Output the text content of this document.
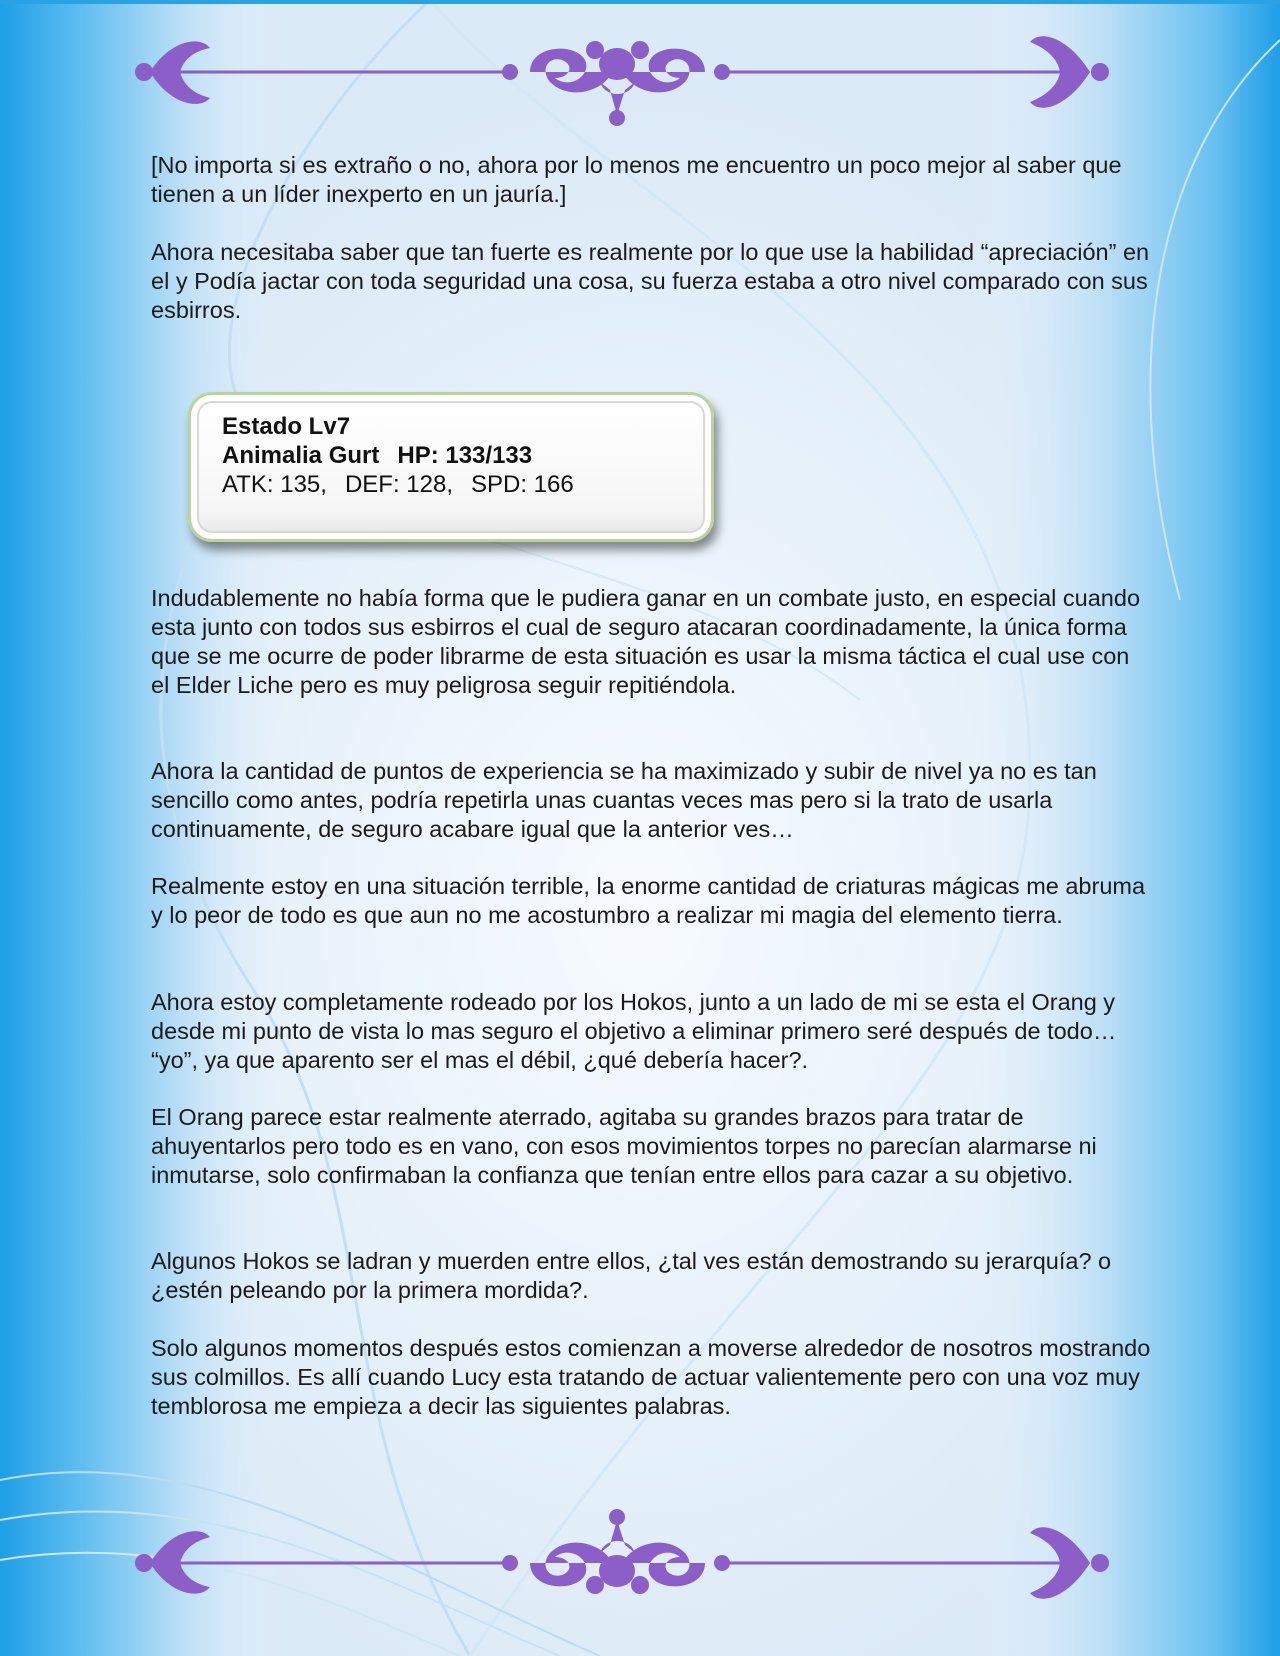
[No importa si es extraño o no, ahora por lo menos me encuentro un poco mejor al saber que tienen a un líder inexperto en un jauría.]

Ahora necesitaba saber que tan fuerte es realmente por lo que use la habilidad “apreciación” en el y Podía jactar con toda seguridad una cosa, su fuerza estaba a otro nivel comparado con sus esbirros.

Estado Lv7
Animalia Gurt HP: 133/133
ATK: 135, DEF: 128, SPD: 166

Indudablemente no había forma que le pudiera ganar en un combate justo, en especial cuando esta junto con todos sus esbirros el cual de seguro atacaran coordinadamente, la única forma que se me ocurre de poder librarme de esta situación es usar la misma táctica el cual use con el Elder Liche pero es muy peligrosa seguir repitiéndola.

Ahora la cantidad de puntos de experiencia se ha maximizado y subir de nivel ya no es tan sencillo como antes, podría repetirla unas cuantas veces mas pero si la trato de usarla continuamente, de seguro acabare igual que la anterior ves…

Realmente estoy en una situación terrible, la enorme cantidad de criaturas mágicas me abruma y lo peor de todo es que aun no me acostumbro a realizar mi magia del elemento tierra.

Ahora estoy completamente rodeado por los Hokos, junto a un lado de mi se esta el Orang y desde mi punto de vista lo mas seguro el objetivo a eliminar primero seré después de todo… “yo”, ya que aparento ser el mas el débil, ¿qué debería hacer?.

El Orang parece estar realmente aterrado, agitaba su grandes brazos para tratar de ahuyentarlos pero todo es en vano, con esos movimientos torpes no parecían alarmarse ni inmutarse, solo confirmaban la confianza que tenían entre ellos para cazar a su objetivo.

Algunos Hokos se ladran y muerden entre ellos, ¿tal ves están demostrando su jerarquía? o ¿estén peleando por la primera mordida?.

Solo algunos momentos después estos comienzan a moverse alrededor de nosotros mostrando sus colmillos. Es allí cuando Lucy esta tratando de actuar valientemente pero con una voz muy temblorosa me empieza a decir las siguientes palabras.
